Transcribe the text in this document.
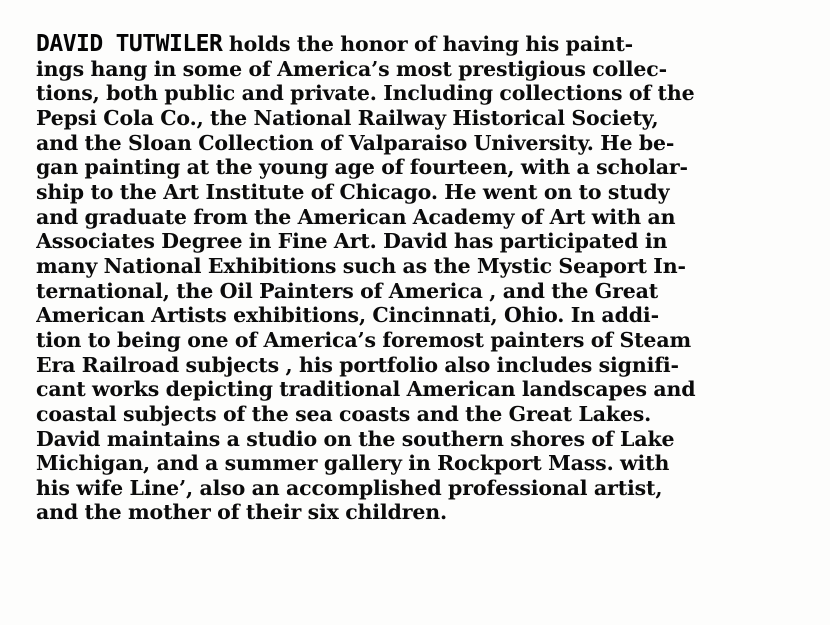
DAVID TUTWILER holds the honor of having his paint-
ings hang in some of America’s most prestigious collec-
tions, both public and private. Including collections of the
Pepsi Cola Co., the National Railway Historical Society,
and the Sloan Collection of Valparaiso University. He be-
gan painting at the young age of fourteen, with a scholar-
ship to the Art Institute of Chicago. He went on to study
and graduate from the American Academy of Art with an
Associates Degree in Fine Art. David has participated in
many National Exhibitions such as the Mystic Seaport In-
ternational, the Oil Painters of America , and the Great
American Artists exhibitions, Cincinnati, Ohio. In addi-
tion to being one of America’s foremost painters of Steam
Era Railroad subjects , his portfolio also includes signifi-
cant works depicting traditional American landscapes and
coastal subjects of the sea coasts and the Great Lakes.
David maintains a studio on the southern shores of Lake
Michigan, and a summer gallery in Rockport Mass. with
his wife Line’, also an accomplished professional artist,
and the mother of their six children.
